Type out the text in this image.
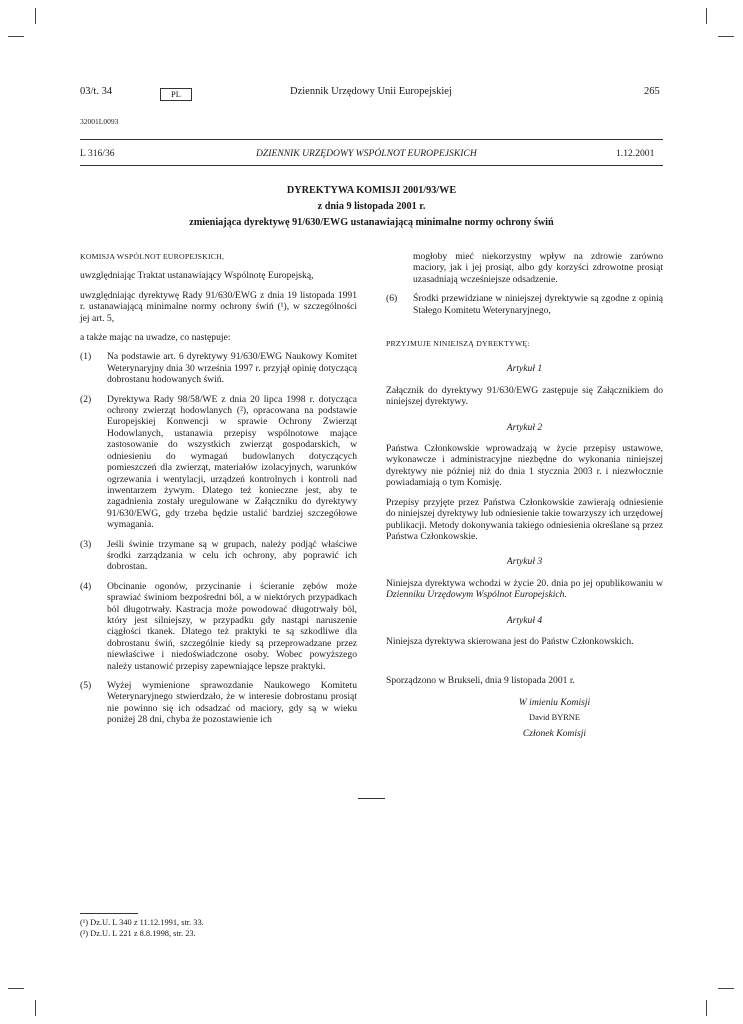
03/t. 34	PL	Dziennik Urzędowy Unii Europejskiej	265
32001L0093
L 316/36	DZIENNIK URZĘDOWY WSPÓLNOT EUROPEJSKICH	1.12.2001
DYREKTYWA KOMISJI 2001/93/WE
z dnia 9 listopada 2001 r.
zmieniająca dyrektywę 91/630/EWG ustanawiającą minimalne normy ochrony świń

KOMISJA WSPÓLNOT EUROPEJSKICH,

uwzględniając Traktat ustanawiający Wspólnotę Europejską,

uwzględniając dyrektywę Rady 91/630/EWG z dnia 19 listopada 1991 r. ustanawiającą minimalne normy ochrony świń (¹), w szczególności jej art. 5,

a także mając na uwadze, co następuje:

(1)	Na podstawie art. 6 dyrektywy 91/630/EWG Naukowy Komitet Weterynaryjny dnia 30 września 1997 r. przyjął opinię dotyczącą dobrostanu hodowanych świń.
(2)	Dyrektywa Rady 98/58/WE z dnia 20 lipca 1998 r. dotycząca ochrony zwierząt hodowlanych (²), opracowana na podstawie Europejskiej Konwencji w sprawie Ochrony Zwierząt Hodowlanych, ustanawia przepisy wspólnotowe mające zastosowanie do wszystkich zwierząt gospodarskich, w odniesieniu do wymagań budowlanych dotyczących pomieszczeń dla zwierząt, materiałów izolacyjnych, warunków ogrzewania i wentylacji, urządzeń kontrolnych i kontroli nad inwentarzem żywym. Dlatego też konieczne jest, aby te zagadnienia zostały uregulowane w Załączniku do dyrektywy 91/630/EWG, gdy trzeba będzie ustalić bardziej szczegółowe wymagania.
(3)	Jeśli świnie trzymane są w grupach, należy podjąć właściwe środki zarządzania w celu ich ochrony, aby poprawić ich dobrostan.
(4)	Obcinanie ogonów, przycinanie i ścieranie zębów może sprawiać świniom bezpośredni ból, a w niektórych przypadkach ból długotrwały. Kastracja może powodować długotrwały ból, który jest silniejszy, w przypadku gdy nastąpi naruszenie ciągłości tkanek. Dlatego też praktyki te są szkodliwe dla dobrostanu świń, szczególnie kiedy są przeprowadzane przez niewłaściwe i niedoświadczone osoby. Wobec powyższego należy ustanowić przepisy zapewniające lepsze praktyki.
(5)	Wyżej wymienione sprawozdanie Naukowego Komitetu Weterynaryjnego stwierdzało, że w interesie dobrostanu prosiąt nie powinno się ich odsadzać od maciory, gdy są w wieku poniżej 28 dni, chyba że pozostawienie ich
mogłoby mieć niekorzystny wpływ na zdrowie zarówno maciory, jak i jej prosiąt, albo gdy korzyści zdrowotne prosiąt uzasadniają wcześniejsze odsadzenie.
(6)	Środki przewidziane w niniejszej dyrektywie są zgodne z opinią Stałego Komitetu Weterynaryjnego,

PRZYJMUJE NINIEJSZĄ DYREKTYWĘ:

Artykuł 1

Załącznik do dyrektywy 91/630/EWG zastępuje się Załącznikiem do niniejszej dyrektywy.

Artykuł 2

Państwa Członkowskie wprowadzają w życie przepisy ustawowe, wykonawcze i administracyjne niezbędne do wykonania niniejszej dyrektywy nie później niż do dnia 1 stycznia 2003 r. i niezwłocznie powiadamiają o tym Komisję.

Przepisy przyjęte przez Państwa Członkowskie zawierają odniesienie do niniejszej dyrektywy lub odniesienie takie towarzyszy ich urzędowej publikacji. Metody dokonywania takiego odniesienia określane są przez Państwa Członkowskie.

Artykuł 3

Niniejsza dyrektywa wchodzi w życie 20. dnia po jej opublikowaniu w Dzienniku Urzędowym Wspólnot Europejskich.

Artykuł 4

Niniejsza dyrektywa skierowana jest do Państw Członkowskich.

Sporządzono w Brukseli, dnia 9 listopada 2001 r.

W imieniu Komisji
David BYRNE
Członek Komisji
(¹) Dz.U. L 340 z 11.12.1991, str. 33.
(²) Dz.U. L 221 z 8.8.1998, str. 23.
